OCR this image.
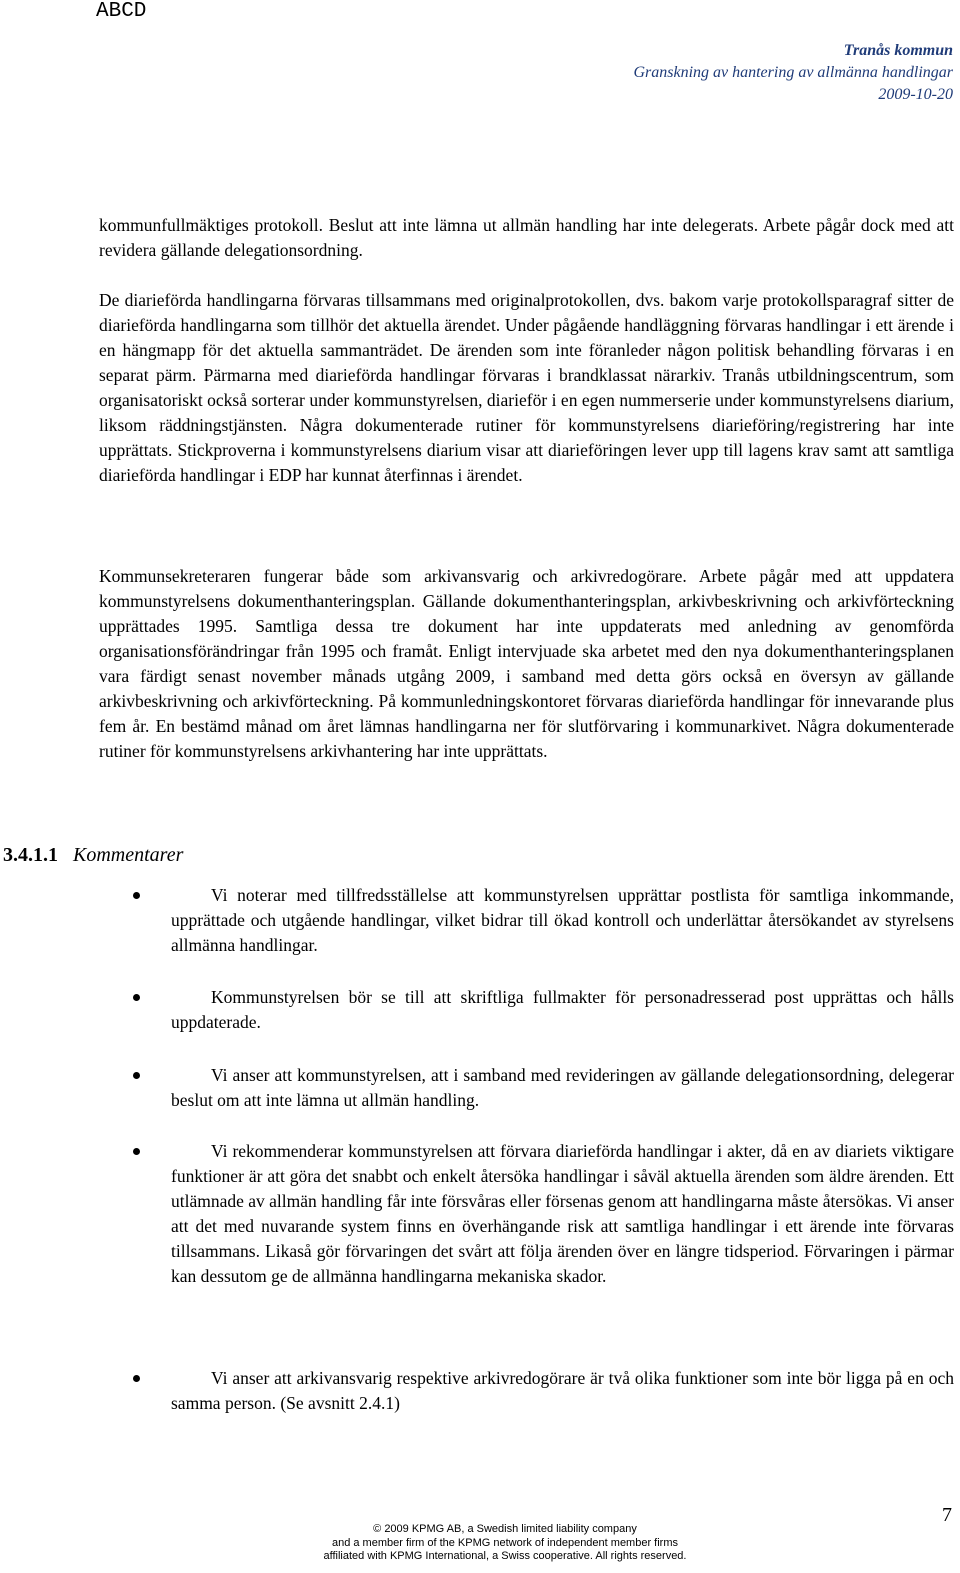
ABCD
Tranås kommun
Granskning av hantering av allmänna handlingar
2009-10-20
kommunfullmäktiges protokoll. Beslut att inte lämna ut allmän handling har inte delegerats. Arbete pågår dock med att revidera gällande delegationsordning.
De diarieförda handlingarna förvaras tillsammans med originalprotokollen, dvs. bakom varje protokollsparagraf sitter de diarieförda handlingarna som tillhör det aktuella ärendet. Under pågående handläggning förvaras handlingar i ett ärende i en hängmapp för det aktuella sammanträdet. De ärenden som inte föranleder någon politisk behandling förvaras i en separat pärm. Pärmarna med diarieförda handlingar förvaras i brandklassat närarkiv. Tranås utbildningscentrum, som organisatoriskt också sorterar under kommunstyrelsen, diarieför i en egen nummerserie under kommunstyrelsens diarium, liksom räddningstjänsten. Några dokumenterade rutiner för kommunstyrelsens diarieföring/registrering har inte upprättats. Stickproverna i kommunstyrelsens diarium visar att diarieföringen lever upp till lagens krav samt att samtliga diarieförda handlingar i EDP har kunnat återfinnas i ärendet.
Kommunsekreteraren fungerar både som arkivansvarig och arkivredogörare. Arbete pågår med att uppdatera kommunstyrelsens dokumenthanteringsplan. Gällande dokumenthanteringsplan, arkivbeskrivning och arkivförteckning upprättades 1995. Samtliga dessa tre dokument har inte uppdaterats med anledning av genomförda organisationsförändringar från 1995 och framåt. Enligt intervjuade ska arbetet med den nya dokumenthanteringsplanen vara färdigt senast november månads utgång 2009, i samband med detta görs också en översyn av gällande arkivbeskrivning och arkivförteckning. På kommunledningskontoret förvaras diarieförda handlingar för innevarande plus fem år. En bestämd månad om året lämnas handlingarna ner för slutförvaring i kommunarkivet. Några dokumenterade rutiner för kommunstyrelsens arkivhantering har inte upprättats.
3.4.1.1 Kommentarer
Vi noterar med tillfredsställelse att kommunstyrelsen upprättar postlista för samtliga inkommande, upprättade och utgående handlingar, vilket bidrar till ökad kontroll och underlättar återsökandet av styrelsens allmänna handlingar.
Kommunstyrelsen bör se till att skriftliga fullmakter för personadresserad post upprättas och hålls uppdaterade.
Vi anser att kommunstyrelsen, att i samband med revideringen av gällande delegationsordning, delegerar beslut om att inte lämna ut allmän handling.
Vi rekommenderar kommunstyrelsen att förvara diarieförda handlingar i akter, då en av diariets viktigare funktioner är att göra det snabbt och enkelt återsöka handlingar i såväl aktuella ärenden som äldre ärenden. Ett utlämnade av allmän handling får inte försvåras eller försenas genom att handlingarna måste återsökas. Vi anser att det med nuvarande system finns en överhängande risk att samtliga handlingar i ett ärende inte förvaras tillsammans. Likaså gör förvaringen det svårt att följa ärenden över en längre tidsperiod. Förvaringen i pärmar kan dessutom ge de allmänna handlingarna mekaniska skador.
Vi anser att arkivansvarig respektive arkivredogörare är två olika funktioner som inte bör ligga på en och samma person. (Se avsnitt 2.4.1)
7
© 2009 KPMG AB, a Swedish limited liability company
and a member firm of the KPMG network of independent member firms
affiliated with KPMG International, a Swiss cooperative. All rights reserved.
